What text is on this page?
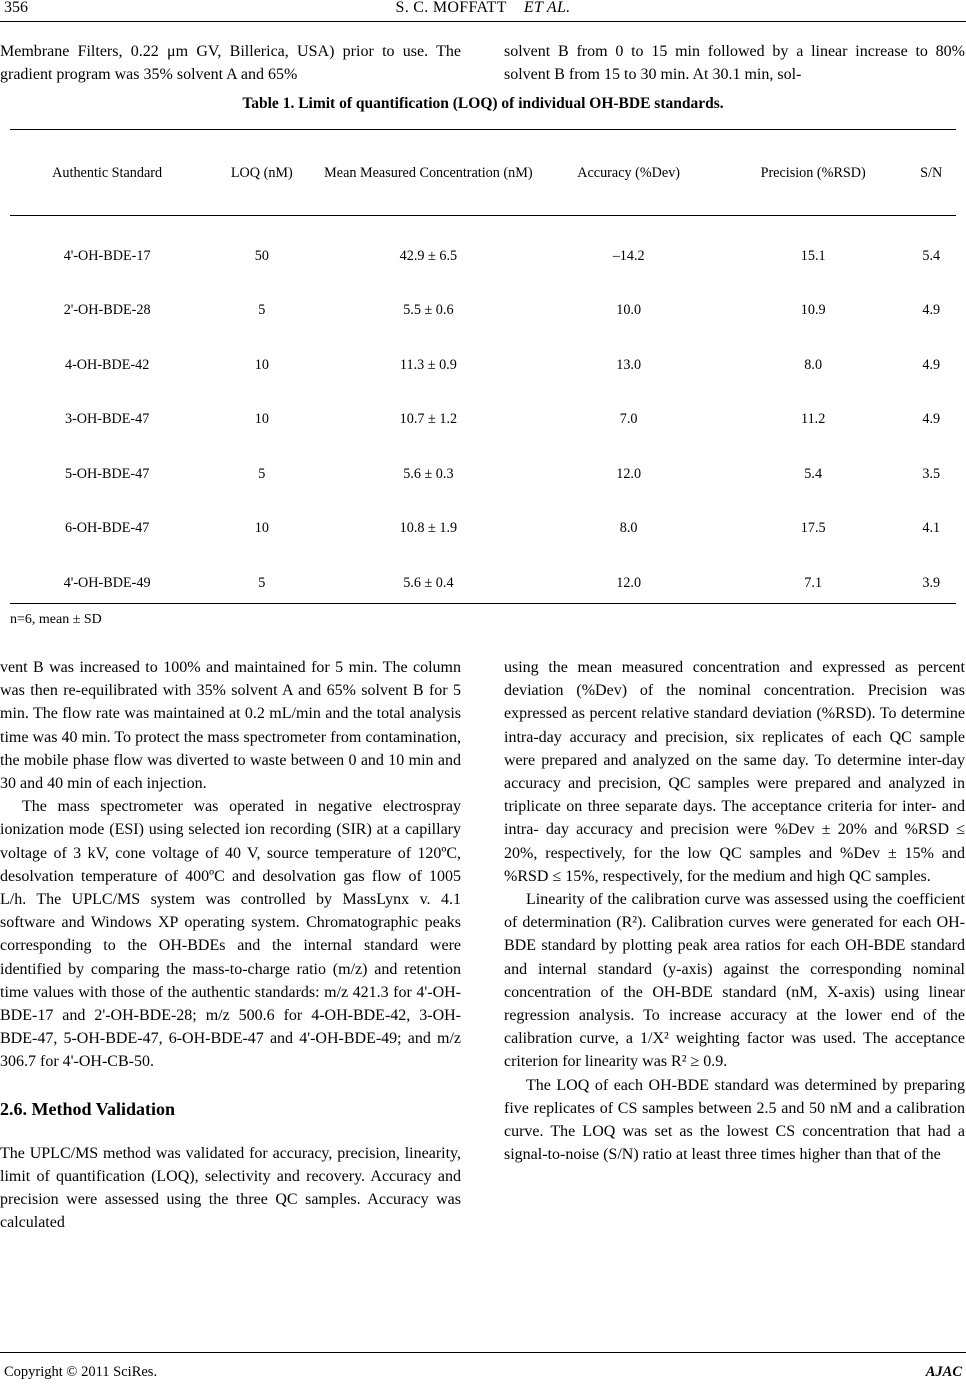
356	S. C. MOFFATT ET AL.

Membrane Filters, 0.22 μm GV, Billerica, USA) prior to use. The gradient program was 35% solvent A and 65%

solvent B from 0 to 15 min followed by a linear increase to 80% solvent B from 15 to 30 min. At 30.1 min, sol-

Table 1. Limit of quantification (LOQ) of individual OH-BDE standards.
Authentic Standard	LOQ (nM)	Mean Measured Concentration (nM)	Accuracy (%Dev)	Precision (%RSD)	S/N
4'-OH-BDE-17	50	42.9 ± 6.5	–14.2	15.1	5.4
2'-OH-BDE-28	5	5.5 ± 0.6	10.0	10.9	4.9
4-OH-BDE-42	10	11.3 ± 0.9	13.0	8.0	4.9
3-OH-BDE-47	10	10.7 ± 1.2	7.0	11.2	4.9
5-OH-BDE-47	5	5.6 ± 0.3	12.0	5.4	3.5
6-OH-BDE-47	10	10.8 ± 1.9	8.0	17.5	4.1
4'-OH-BDE-49	5	5.6 ± 0.4	12.0	7.1	3.9
n=6, mean ± SD

vent B was increased to 100% and maintained for 5 min. The column was then re-equilibrated with 35% solvent A and 65% solvent B for 5 min. The flow rate was maintained at 0.2 mL/min and the total analysis time was 40 min. To protect the mass spectrometer from contamination, the mobile phase flow was diverted to waste between 0 and 10 min and 30 and 40 min of each injection.

The mass spectrometer was operated in negative electrospray ionization mode (ESI) using selected ion recording (SIR) at a capillary voltage of 3 kV, cone voltage of 40 V, source temperature of 120ºC, desolvation temperature of 400ºC and desolvation gas flow of 1005 L/h. The UPLC/MS system was controlled by MassLynx v. 4.1 software and Windows XP operating system. Chromatographic peaks corresponding to the OH-BDEs and the internal standard were identified by comparing the mass-to-charge ratio (m/z) and retention time values with those of the authentic standards: m/z 421.3 for 4'-OH-BDE-17 and 2'-OH-BDE-28; m/z 500.6 for 4-OH-BDE-42, 3-OH-BDE-47, 5-OH-BDE-47, 6-OH-BDE-47 and 4'-OH-BDE-49; and m/z 306.7 for 4'-OH-CB-50.

2.6. Method Validation

The UPLC/MS method was validated for accuracy, precision, linearity, limit of quantification (LOQ), selectivity and recovery. Accuracy and precision were assessed using the three QC samples. Accuracy was calculated

using the mean measured concentration and expressed as percent deviation (%Dev) of the nominal concentration. Precision was expressed as percent relative standard deviation (%RSD). To determine intra-day accuracy and precision, six replicates of each QC sample were prepared and analyzed on the same day. To determine inter-day accuracy and precision, QC samples were prepared and analyzed in triplicate on three separate days. The acceptance criteria for inter- and intra- day accuracy and precision were %Dev ± 20% and %RSD ≤ 20%, respectively, for the low QC samples and %Dev ± 15% and %RSD ≤ 15%, respectively, for the medium and high QC samples.

Linearity of the calibration curve was assessed using the coefficient of determination (R²). Calibration curves were generated for each OH-BDE standard by plotting peak area ratios for each OH-BDE standard and internal standard (y-axis) against the corresponding nominal concentration of the OH-BDE standard (nM, X-axis) using linear regression analysis. To increase accuracy at the lower end of the calibration curve, a 1/X² weighting factor was used. The acceptance criterion for linearity was R² ≥ 0.9.

The LOQ of each OH-BDE standard was determined by preparing five replicates of CS samples between 2.5 and 50 nM and a calibration curve. The LOQ was set as the lowest CS concentration that had a signal-to-noise (S/N) ratio at least three times higher than that of the

Copyright © 2011 SciRes.	AJAC
